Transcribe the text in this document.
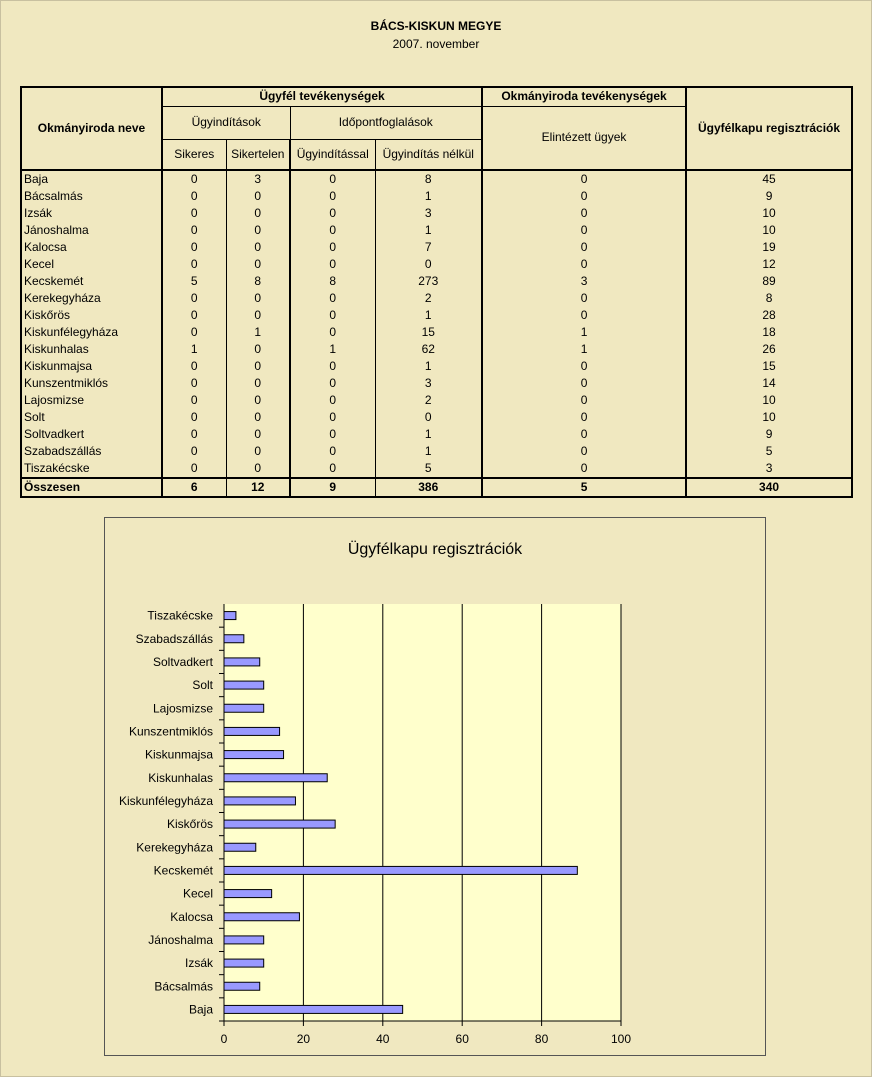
BÁCS-KISKUN MEGYE
2007. november
Okmányiroda neve	Ügyfél tevékenységek				Okmányiroda tevékenységek	Ügyfélkapu regisztrációk
	Ügyindítások		Időpontfoglalások		Elintézett ügyek	
	Sikeres	Sikertelen	Ügyindítással	Ügyindítás nélkül		
Baja	0	3	0	8	0	45
Bácsalmás	0	0	0	1	0	9
Izsák	0	0	0	3	0	10
Jánoshalma	0	0	0	1	0	10
Kalocsa	0	0	0	7	0	19
Kecel	0	0	0	0	0	12
Kecskemét	5	8	8	273	3	89
Kerekegyháza	0	0	0	2	0	8
Kiskőrös	0	0	0	1	0	28
Kiskunfélegyháza	0	1	0	15	1	18
Kiskunhalas	1	0	1	62	1	26
Kiskunmajsa	0	0	0	1	0	15
Kunszentmiklós	0	0	0	3	0	14
Lajosmizse	0	0	0	2	0	10
Solt	0	0	0	0	0	10
Soltvadkert	0	0	0	1	0	9
Szabadszállás	0	0	0	1	0	5
Tiszakécske	0	0	0	5	0	3
Összesen	6	12	9	386	5	340
Ügyfélkapu regisztrációk
0	20	40	60	80	100
Baja
Bácsalmás
Izsák
Jánoshalma
Kalocsa
Kecel
Kecskemét
Kerekegyháza
Kiskőrös
Kiskunfélegyháza
Kiskunhalas
Kiskunmajsa
Kunszentmiklós
Lajosmizse
Solt
Soltvadkert
Szabadszállás
Tiszakécske
